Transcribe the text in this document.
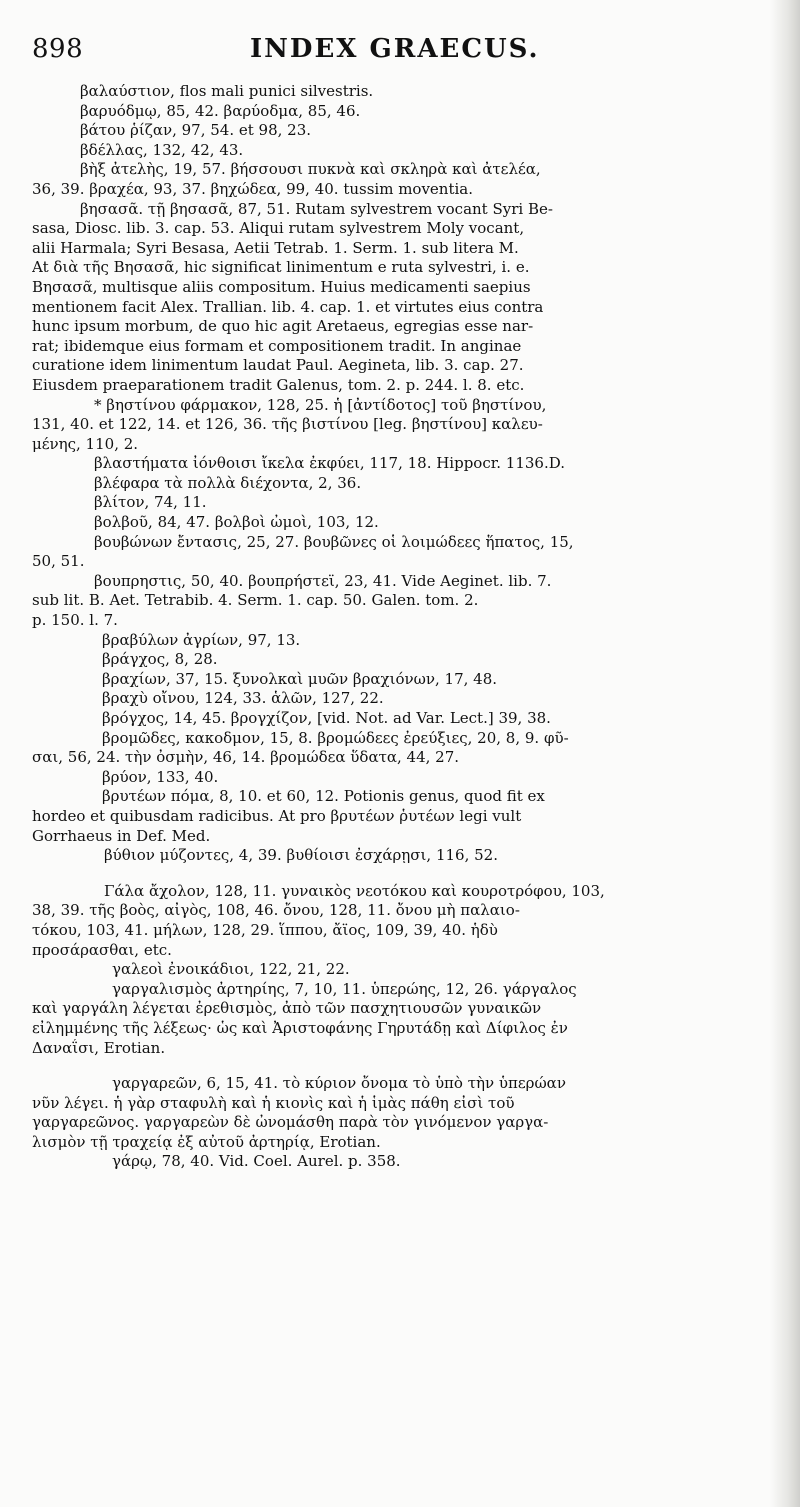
898	INDEX GRAECUS.
βαλαύστιον, flos mali punici silvestris.
βαρυόδμῳ, 85, 42. βαρύοδμα, 85, 46.
βάτου ῥίζαν, 97, 54. et 98, 23.
βδέλλας, 132, 42, 43.
βὴξ ἀτελὴς, 19, 57. βήσσουσι πυκνὰ καὶ σκληρὰ καὶ ἀτελέα,
36, 39. βραχέα, 93, 37. βηχώδεα, 99, 40. tussim moventia.
βησασᾶ. τῇ βησασᾶ, 87, 51. Rutam sylvestrem vocant Syri Be-
sasa, Diosc. lib. 3. cap. 53. Aliqui rutam sylvestrem Moly vocant,
alii Harmala; Syri Besasa, Aetii Tetrab. 1. Serm. 1. sub litera M.
At διὰ τῆς Βησασᾶ, hic significat linimentum e ruta sylvestri, i. e.
Βησασᾶ, multisque aliis compositum. Huius medicamenti saepius
mentionem facit Alex. Trallian. lib. 4. cap. 1. et virtutes eius contra
hunc ipsum morbum, de quo hic agit Aretaeus, egregias esse nar-
rat; ibidemque eius formam et compositionem tradit. In anginae
curatione idem linimentum laudat Paul. Aegineta, lib. 3. cap. 27.
Eiusdem praeparationem tradit Galenus, tom. 2. p. 244. l. 8. etc.
* βηστίνου φάρμακον, 128, 25. ἡ [ἀντίδοτος] τοῦ βηστίνου,
131, 40. et 122, 14. et 126, 36. τῆς βιστίνου [leg. βηστίνου] καλευ-
μένης, 110, 2.
βλαστήματα ἰόνθοισι ἴκελα ἐκφύει, 117, 18. Hippocr. 1136.D.
βλέφαρα τὰ πολλὰ διέχοντα, 2, 36.
βλίτον, 74, 11.
βολβοῦ, 84, 47. βολβοὶ ὠμοὶ, 103, 12.
βουβώνων ἔντασις, 25, 27. βουβῶνες οἱ λοιμώδεες ἥπατος, 15,
50, 51.
βουπρηστις, 50, 40. βουπρήστεϊ, 23, 41. Vide Aeginet. lib. 7.
sub lit. B. Aet. Tetrabib. 4. Serm. 1. cap. 50. Galen. tom. 2.
p. 150. l. 7.
βραβύλων ἀγρίων, 97, 13.
βράγχος, 8, 28.
βραχίων, 37, 15. ξυνολκαὶ μυῶν βραχιόνων, 17, 48.
βραχὺ οἴνου, 124, 33. ἁλῶν, 127, 22.
βρόγχος, 14, 45. βρογχίζον, [vid. Not. ad Var. Lect.] 39, 38.
βρομῶδες, κακοδμον, 15, 8. βρομώδεες ἐρεύξιες, 20, 8, 9. φῦ-
σαι, 56, 24. τὴν ὀσμὴν, 46, 14. βρομώδεα ὕδατα, 44, 27.
βρύον, 133, 40.
βρυτέων πόμα, 8, 10. et 60, 12. Potionis genus, quod fit ex
hordeo et quibusdam radicibus. At pro βρυτέων ῥυτέων legi vult
Gorrhaeus in Def. Med.
βύθιον μύζοντες, 4, 39. βυθίοισι ἐσχάρῃσι, 116, 52.
Γάλα ἄχολον, 128, 11. γυναικὸς νεοτόκου καὶ κουροτρόφου, 103,
38, 39. τῆς βοὸς, αἰγὸς, 108, 46. ὄνου, 128, 11. ὄνου μὴ παλαιο-
τόκου, 103, 41. μήλων, 128, 29. ἵππου, ἄϊος, 109, 39, 40. ἡδὺ
προσάρασθαι, etc.
γαλεοὶ ἐνοικάδιοι, 122, 21, 22.
γαργαλισμὸς ἀρτηρίης, 7, 10, 11. ὑπερώης, 12, 26. γάργαλος
καὶ γαργάλη λέγεται ἐρεθισμὸς, ἀπὸ τῶν πασχητιουσῶν γυναικῶν
εἰλημμένης τῆς λέξεως· ὡς καὶ Ἀριστοφάνης Γηρυτάδῃ καὶ Δίφιλος ἐν
Δαναΐσι, Erotian.
γαργαρεῶν, 6, 15, 41. τὸ κύριον ὄνομα τὸ ὑπὸ τὴν ὑπερώαν
νῦν λέγει. ἡ γὰρ σταφυλὴ καὶ ἡ κιονὶς καὶ ἡ ἱμὰς πάθη εἰσὶ τοῦ
γαργαρεῶνος. γαργαρεὼν δὲ ὠνομάσθη παρὰ τὸν γινόμενον γαργα-
λισμὸν τῇ τραχείᾳ ἐξ αὐτοῦ ἀρτηρίᾳ, Erotian.
γάρῳ, 78, 40. Vid. Coel. Aurel. p. 358.
